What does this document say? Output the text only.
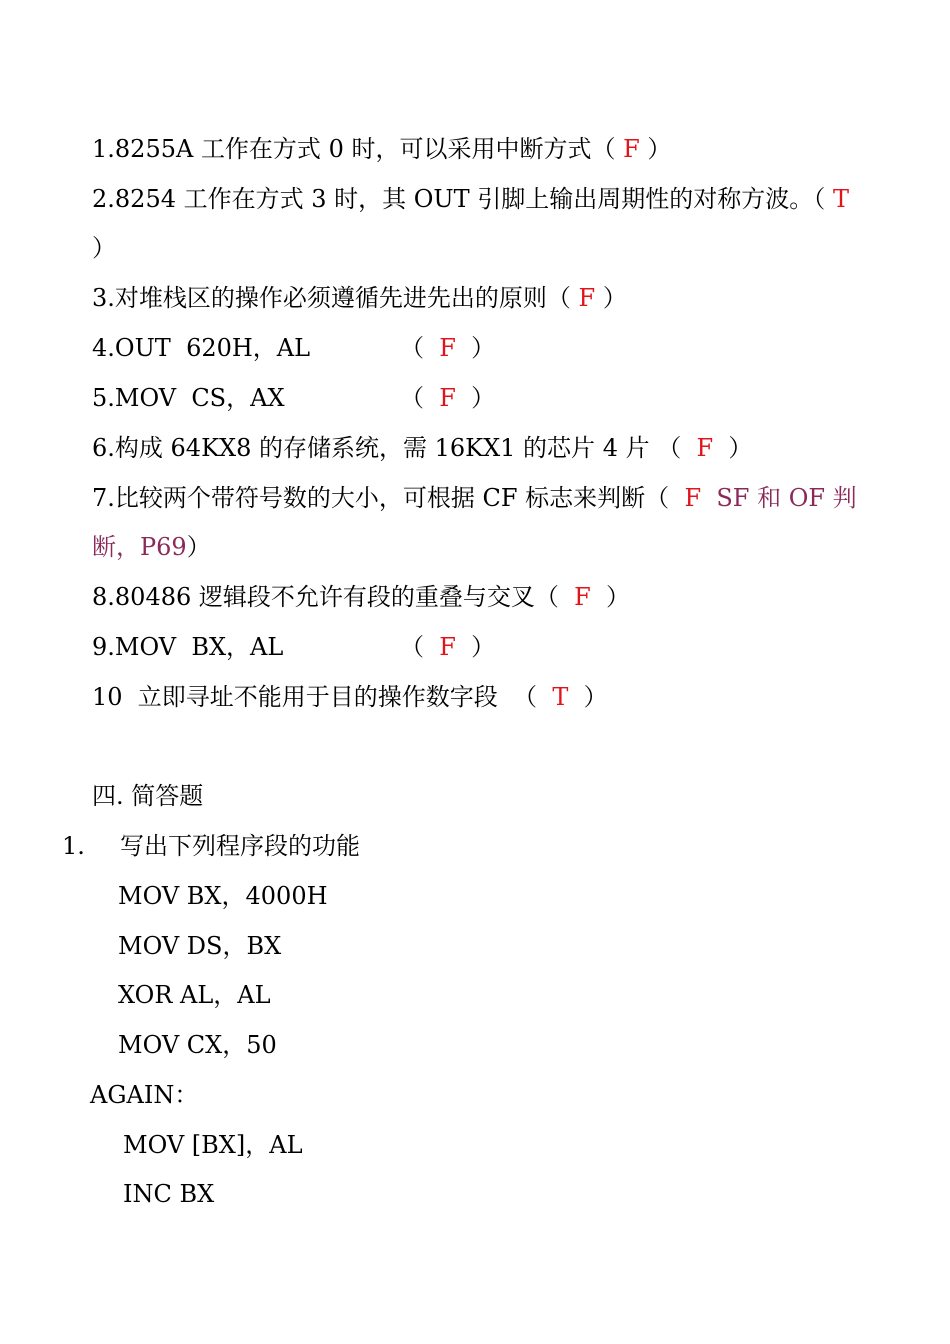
1.8255A 工作在方式 0 时，可以采用中断方式（ F ）
2.8254 工作在方式 3 时，其 OUT 引脚上输出周期性的对称方波。（ T
）
3.对堆栈区的操作必须遵循先进先出的原则（ F ）
4.OUT  620H，AL	（  F  ）
5.MOV  CS，AX	（  F  ）
6.构成 64KX8 的存储系统，需 16KX1 的芯片 4 片 （  F  ）
7.比较两个带符号数的大小，可根据 CF 标志来判断（  F  SF 和 OF 判
断，P69）
8.80486 逻辑段不允许有段的重叠与交叉（  F  ）
9.MOV  BX，AL	（  F  ）
10  立即寻址不能用于目的操作数字段  （  T  ）
四. 简答题
1. 写出下列程序段的功能
MOV BX，4000H
MOV DS，BX
XOR AL，AL
MOV CX，50
AGAIN：
MOV [BX]，AL
INC BX
